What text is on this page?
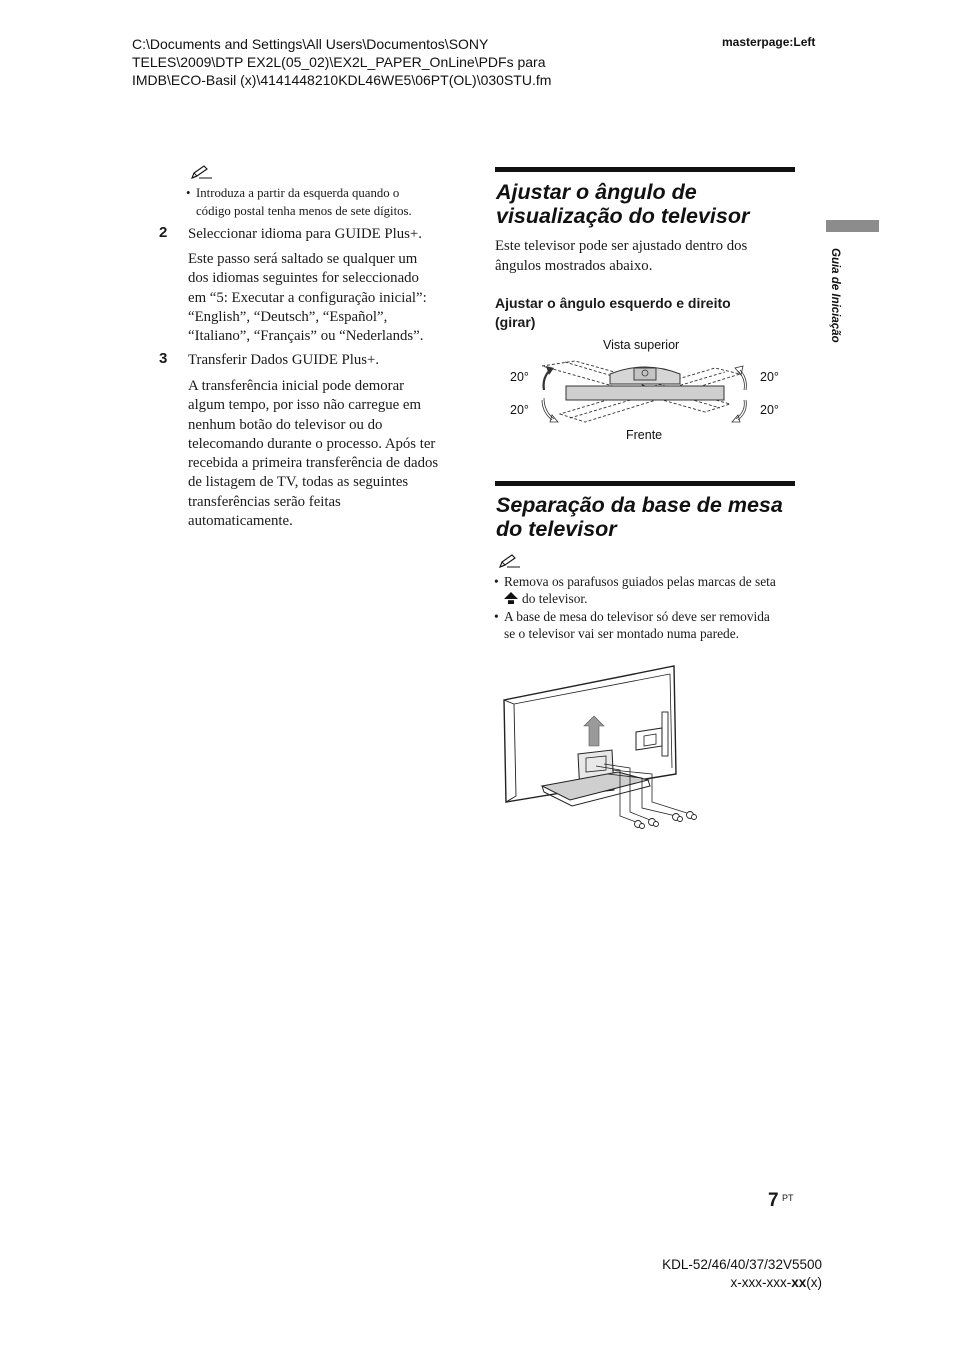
C:\Documents and Settings\All Users\Documentos\SONY
TELES\2009\DTP EX2L(05_02)\EX2L_PAPER_OnLine\PDFs para
IMDB\ECO-Basil (x)\4141448210KDL46WE5\06PT(OL)\030STU.fm
masterpage:Left
Guia de Iniciação
• Introduza a partir da esquerda quando o
código postal tenha menos de sete dígitos.
2 Seleccionar idioma para GUIDE Plus+.
Este passo será saltado se qualquer um
dos idiomas seguintes for seleccionado
em “5: Executar a configuração inicial”:
“English”, “Deutsch”, “Español”,
“Italiano”, “Français” ou “Nederlands”.
3 Transferir Dados GUIDE Plus+.
A transferência inicial pode demorar
algum tempo, por isso não carregue em
nenhum botão do televisor ou do
telecomando durante o processo. Após ter
recebida a primeira transferência de dados
de listagem de TV, todas as seguintes
transferências serão feitas
automaticamente.
Ajustar o ângulo de
visualização do televisor
Este televisor pode ser ajustado dentro dos
ângulos mostrados abaixo.
Ajustar o ângulo esquerdo e direito
(girar)
Vista superior
Frente
20°
20°
20°
20°
Separação da base de mesa
do televisor
• Remova os parafusos guiados pelas marcas de seta
do televisor.
• A base de mesa do televisor só deve ser removida
se o televisor vai ser montado numa parede.
7 PT
KDL-52/46/40/37/32V5500
x-xxx-xxx-xx(x)
